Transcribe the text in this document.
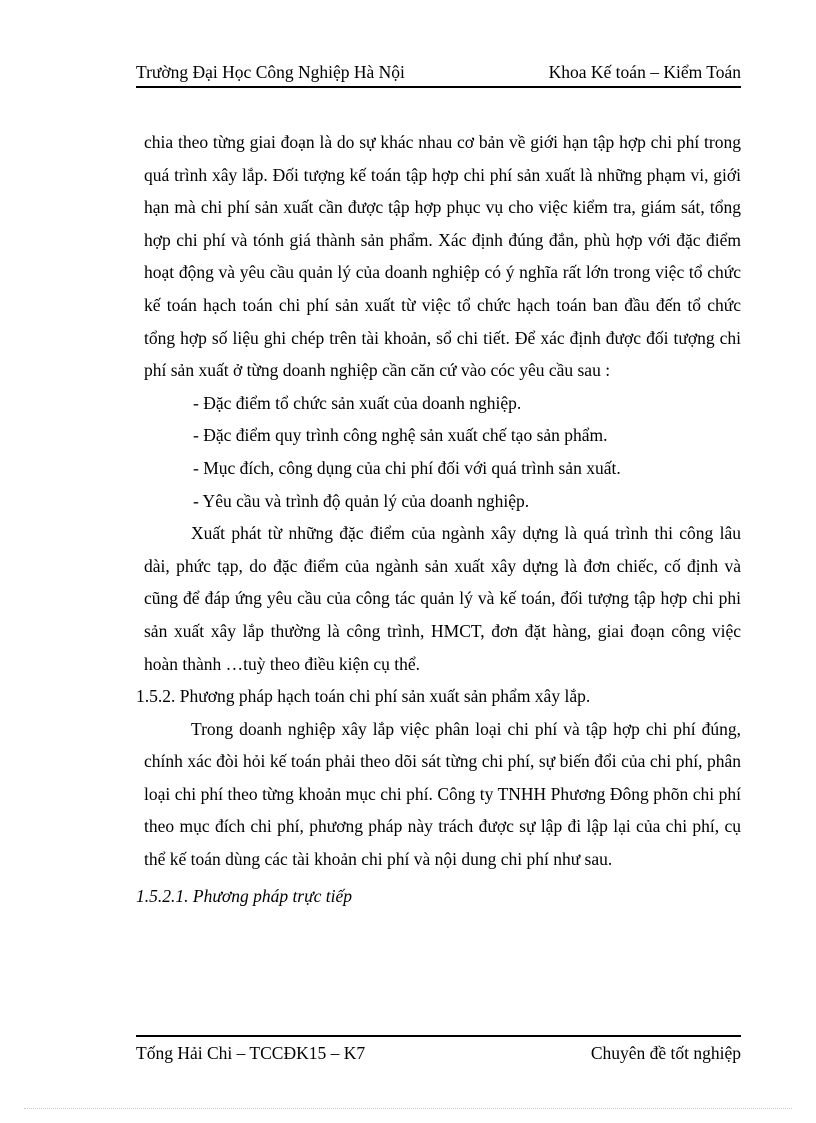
Trường Đại Học Công Nghiệp Hà Nội	Khoa Kế toán – Kiểm Toán

chia theo từng giai đoạn là do sự khác nhau cơ bản về giới hạn tập hợp chi phí trong quá trình xây lắp. Đối tượng kế toán tập hợp chi phí sản xuất là những phạm vi, giới hạn mà chi phí sản xuất cần được tập hợp phục vụ cho việc kiểm tra, giám sát, tổng hợp chi phí và tónh giá thành sản phẩm. Xác định đúng đắn, phù hợp với đặc điểm hoạt động và yêu cầu quản lý của doanh nghiệp có ý nghĩa rất lớn trong việc tổ chức kế toán hạch toán chi phí sản xuất từ việc tổ chức hạch toán ban đầu đến tổ chức tổng hợp số liệu ghi chép trên tài khoản, sổ chi tiết. Để xác định được đối tượng chi phí sản xuất ở từng doanh nghiệp cần căn cứ vào cóc yêu cầu sau :

- Đặc điểm tổ chức sản xuất của doanh nghiệp.

- Đặc điểm quy trình công nghệ sản xuất chế tạo sản phẩm.

- Mục đích, công dụng của chi phí đối với quá trình sản xuất.

- Yêu cầu và trình độ quản lý của doanh nghiệp.

Xuất phát từ những đặc điểm của ngành xây dựng là quá trình thi công lâu dài, phức tạp, do đặc điểm của ngành sản xuất xây dựng là đơn chiếc, cố định và cũng để đáp ứng yêu cầu của công tác quản lý và kế toán, đối tượng tập hợp chi phi sản xuất xây lắp thường là công trình, HMCT, đơn đặt hàng, giai đoạn công việc hoàn thành …tuỳ theo điều kiện cụ thể.

1.5.2. Phương pháp hạch toán chi phí sản xuất sản phẩm xây lắp.

Trong doanh nghiệp xây lắp việc phân loại chi phí và tập hợp chi phí đúng, chính xác đòi hỏi kế toán phải theo dõi sát từng chi phí, sự biến đổi của chi phí, phân loại chi phí theo từng khoản mục chi phí. Công ty TNHH Phương Đông phõn chi phí theo mục đích chi phí, phương pháp này trách được sự lập đi lập lại của chi phí, cụ thể kế toán dùng các tài khoản chi phí và nội dung chi phí như sau.

1.5.2.1. Phương pháp trực tiếp

Tống Hải Chi – TCCĐK15 – K7	Chuyên đề tốt nghiệp
